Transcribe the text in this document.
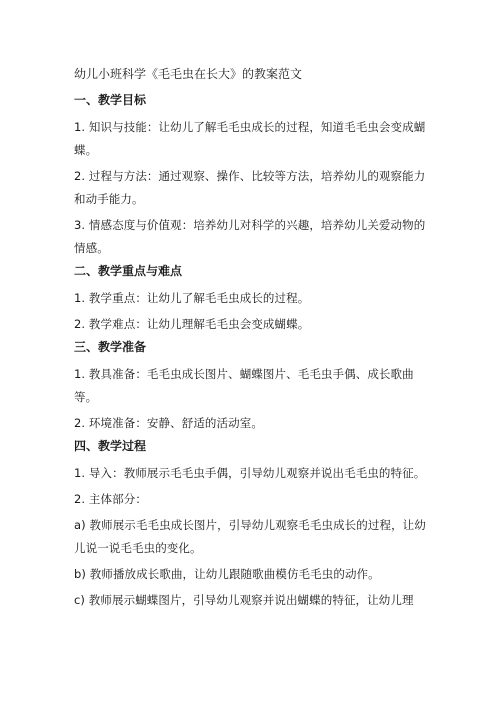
幼儿小班科学《毛毛虫在长大》的教案范文
一、教学目标

1. 知识与技能：让幼儿了解毛毛虫成长的过程，知道毛毛虫会变成蝴蝶。

2. 过程与方法：通过观察、操作、比较等方法，培养幼儿的观察能力和动手能力。

3. 情感态度与价值观：培养幼儿对科学的兴趣，培养幼儿关爱动物的情感。

二、教学重点与难点

1. 教学重点：让幼儿了解毛毛虫成长的过程。

2. 教学难点：让幼儿理解毛毛虫会变成蝴蝶。

三、教学准备

1. 教具准备：毛毛虫成长图片、蝴蝶图片、毛毛虫手偶、成长歌曲等。

2. 环境准备：安静、舒适的活动室。

四、教学过程

1. 导入：教师展示毛毛虫手偶，引导幼儿观察并说出毛毛虫的特征。

2. 主体部分：

a) 教师展示毛毛虫成长图片，引导幼儿观察毛毛虫成长的过程，让幼儿说一说毛毛虫的变化。

b) 教师播放成长歌曲，让幼儿跟随歌曲模仿毛毛虫的动作。

c) 教师展示蝴蝶图片，引导幼儿观察并说出蝴蝶的特征，让幼儿理
